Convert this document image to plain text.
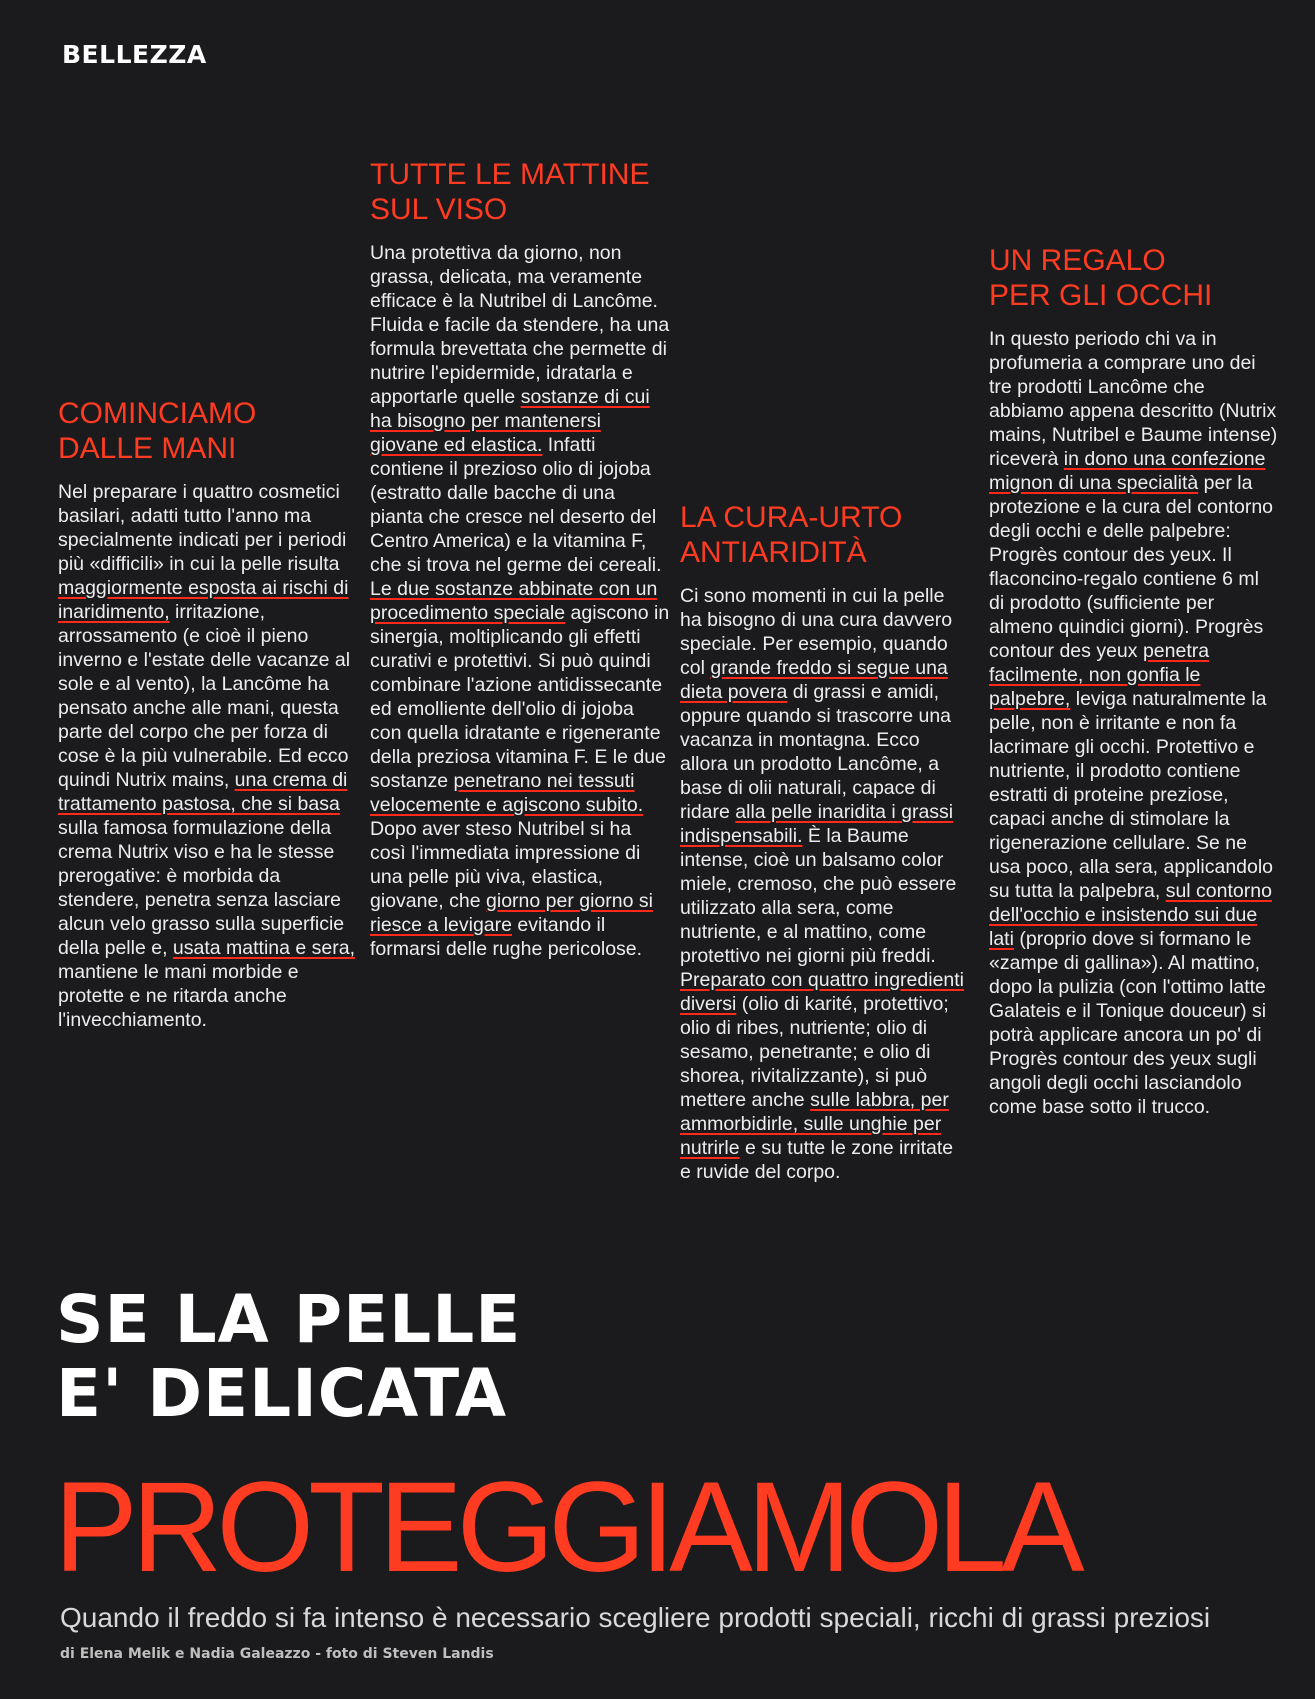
BELLEZZA
COMINCIAMO
DALLE MANI

Nel preparare i quattro cosmetici basilari, adatti tutto l'anno ma specialmente indicati per i periodi più «difficili» in cui la pelle risulta maggiormente esposta ai rischi di inaridimento, irritazione, arrossamento (e cioè il pieno inverno e l'estate delle vacanze al sole e al vento), la Lancôme ha pensato anche alle mani, questa parte del corpo che per forza di cose è la più vulnerabile. Ed ecco quindi Nutrix mains, una crema di trattamento pastosa, che si basa sulla famosa formulazione della crema Nutrix viso e ha le stesse prerogative: è morbida da stendere, penetra senza lasciare alcun velo grasso sulla superficie della pelle e, usata mattina e sera, mantiene le mani morbide e protette e ne ritarda anche l'invecchiamento.

TUTTE LE MATTINE
SUL VISO

Una protettiva da giorno, non grassa, delicata, ma veramente efficace è la Nutribel di Lancôme. Fluida e facile da stendere, ha una formula brevettata che permette di nutrire l'epidermide, idratarla e apportarle quelle sostanze di cui ha bisogno per mantenersi giovane ed elastica. Infatti contiene il prezioso olio di jojoba (estratto dalle bacche di una pianta che cresce nel deserto del Centro America) e la vitamina F, che si trova nel germe dei cereali. Le due sostanze abbinate con un procedimento speciale agiscono in sinergia, moltiplicando gli effetti curativi e protettivi. Si può quindi combinare l'azione antidissecante ed emolliente dell'olio di jojoba con quella idratante e rigenerante della preziosa vitamina F. E le due sostanze penetrano nei tessuti velocemente e agiscono subito. Dopo aver steso Nutribel si ha così l'immediata impressione di una pelle più viva, elastica, giovane, che giorno per giorno si riesce a levigare evitando il formarsi delle rughe pericolose.

LA CURA-URTO
ANTIARIDITÀ

Ci sono momenti in cui la pelle ha bisogno di una cura davvero speciale. Per esempio, quando col grande freddo si segue una dieta povera di grassi e amidi, oppure quando si trascorre una vacanza in montagna. Ecco allora un prodotto Lancôme, a base di olii naturali, capace di ridare alla pelle inaridita i grassi indispensabili. È la Baume intense, cioè un balsamo color miele, cremoso, che può essere utilizzato alla sera, come nutriente, e al mattino, come protettivo nei giorni più freddi. Preparato con quattro ingredienti diversi (olio di karité, protettivo; olio di ribes, nutriente; olio di sesamo, penetrante; e olio di shorea, rivitalizzante), si può mettere anche sulle labbra, per ammorbidirle, sulle unghie per nutrirle e su tutte le zone irritate e ruvide del corpo.

UN REGALO
PER GLI OCCHI

In questo periodo chi va in profumeria a comprare uno dei tre prodotti Lancôme che abbiamo appena descritto (Nutrix mains, Nutribel e Baume intense) riceverà in dono una confezione mignon di una specialità per la protezione e la cura del contorno degli occhi e delle palpebre: Progrès contour des yeux. Il flaconcino-regalo contiene 6 ml di prodotto (sufficiente per almeno quindici giorni). Progrès contour des yeux penetra facilmente, non gonfia le palpebre, leviga naturalmente la pelle, non è irritante e non fa lacrimare gli occhi. Protettivo e nutriente, il prodotto contiene estratti di proteine preziose, capaci anche di stimolare la rigenerazione cellulare. Se ne usa poco, alla sera, applicandolo su tutta la palpebra, sul contorno dell'occhio e insistendo sui due lati (proprio dove si formano le «zampe di gallina»). Al mattino, dopo la pulizia (con l'ottimo latte Galateis e il Tonique douceur) si potrà applicare ancora un po' di Progrès contour des yeux sugli angoli degli occhi lasciandolo come base sotto il trucco.

SE LA PELLE
E' DELICATA
PROTEGGIAMOLA
Quando il freddo si fa intenso è necessario scegliere prodotti speciali, ricchi di grassi preziosi
di Elena Melik e Nadia Galeazzo - foto di Steven Landis
